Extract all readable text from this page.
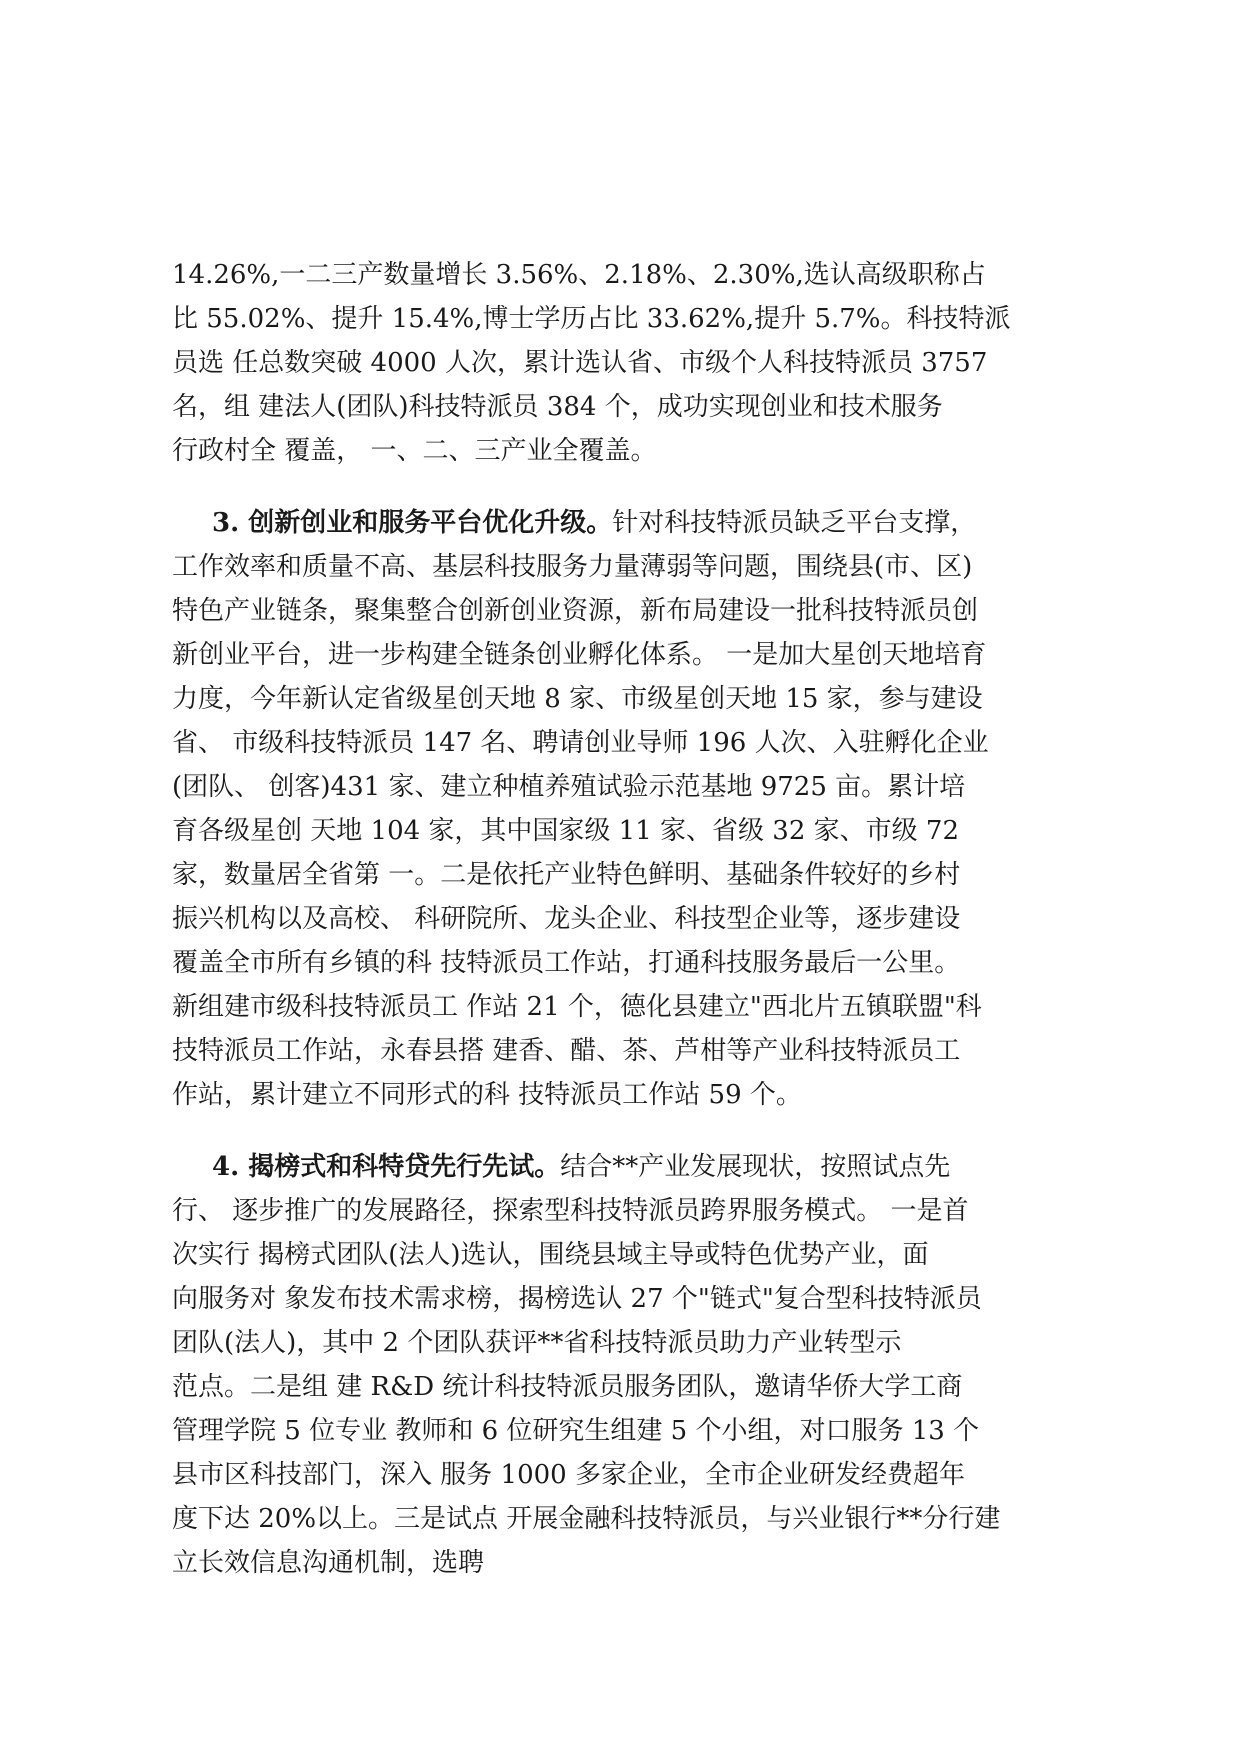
14.26%,一二三产数量增长 3.56%、2.18%、2.30%,选认高级职称占
比 55.02%、提升 15.4%,博士学历占比 33.62%,提升 5.7%。科技特派
员选 任总数突破 4000 人次，累计选认省、市级个人科技特派员 3757
名，组 建法人(团队)科技特派员 384 个，成功实现创业和技术服务
行政村全 覆盖， 一、二、三产业全覆盖。
3. 创新创业和服务平台优化升级。针对科技特派员缺乏平台支撑，
工作效率和质量不高、基层科技服务力量薄弱等问题，围绕县(市、区)
特色产业链条，聚集整合创新创业资源，新布局建设一批科技特派员创
新创业平台，进一步构建全链条创业孵化体系。 一是加大星创天地培育
力度，今年新认定省级星创天地 8 家、市级星创天地 15 家，参与建设
省、 市级科技特派员 147 名、聘请创业导师 196 人次、入驻孵化企业
(团队、 创客)431 家、建立种植养殖试验示范基地 9725 亩。累计培
育各级星创 天地 104 家，其中国家级 11 家、省级 32 家、市级 72
家，数量居全省第 一。二是依托产业特色鲜明、基础条件较好的乡村
振兴机构以及高校、 科研院所、龙头企业、科技型企业等，逐步建设
覆盖全市所有乡镇的科 技特派员工作站，打通科技服务最后一公里。
新组建市级科技特派员工 作站 21 个，德化县建立"西北片五镇联盟"科
技特派员工作站，永春县搭 建香、醋、茶、芦柑等产业科技特派员工
作站，累计建立不同形式的科 技特派员工作站 59 个。
4. 揭榜式和科特贷先行先试。结合**产业发展现状，按照试点先
行、 逐步推广的发展路径，探索型科技特派员跨界服务模式。 一是首
次实行 揭榜式团队(法人)选认，围绕县域主导或特色优势产业，面
向服务对 象发布技术需求榜，揭榜选认 27 个"链式"复合型科技特派员
团队(法人)，其中 2 个团队获评**省科技特派员助力产业转型示
范点。二是组 建 R&D 统计科技特派员服务团队，邀请华侨大学工商
管理学院 5 位专业 教师和 6 位研究生组建 5 个小组，对口服务 13 个
县市区科技部门，深入 服务 1000 多家企业，全市企业研发经费超年
度下达 20%以上。三是试点 开展金融科技特派员，与兴业银行**分行建
立长效信息沟通机制，选聘
